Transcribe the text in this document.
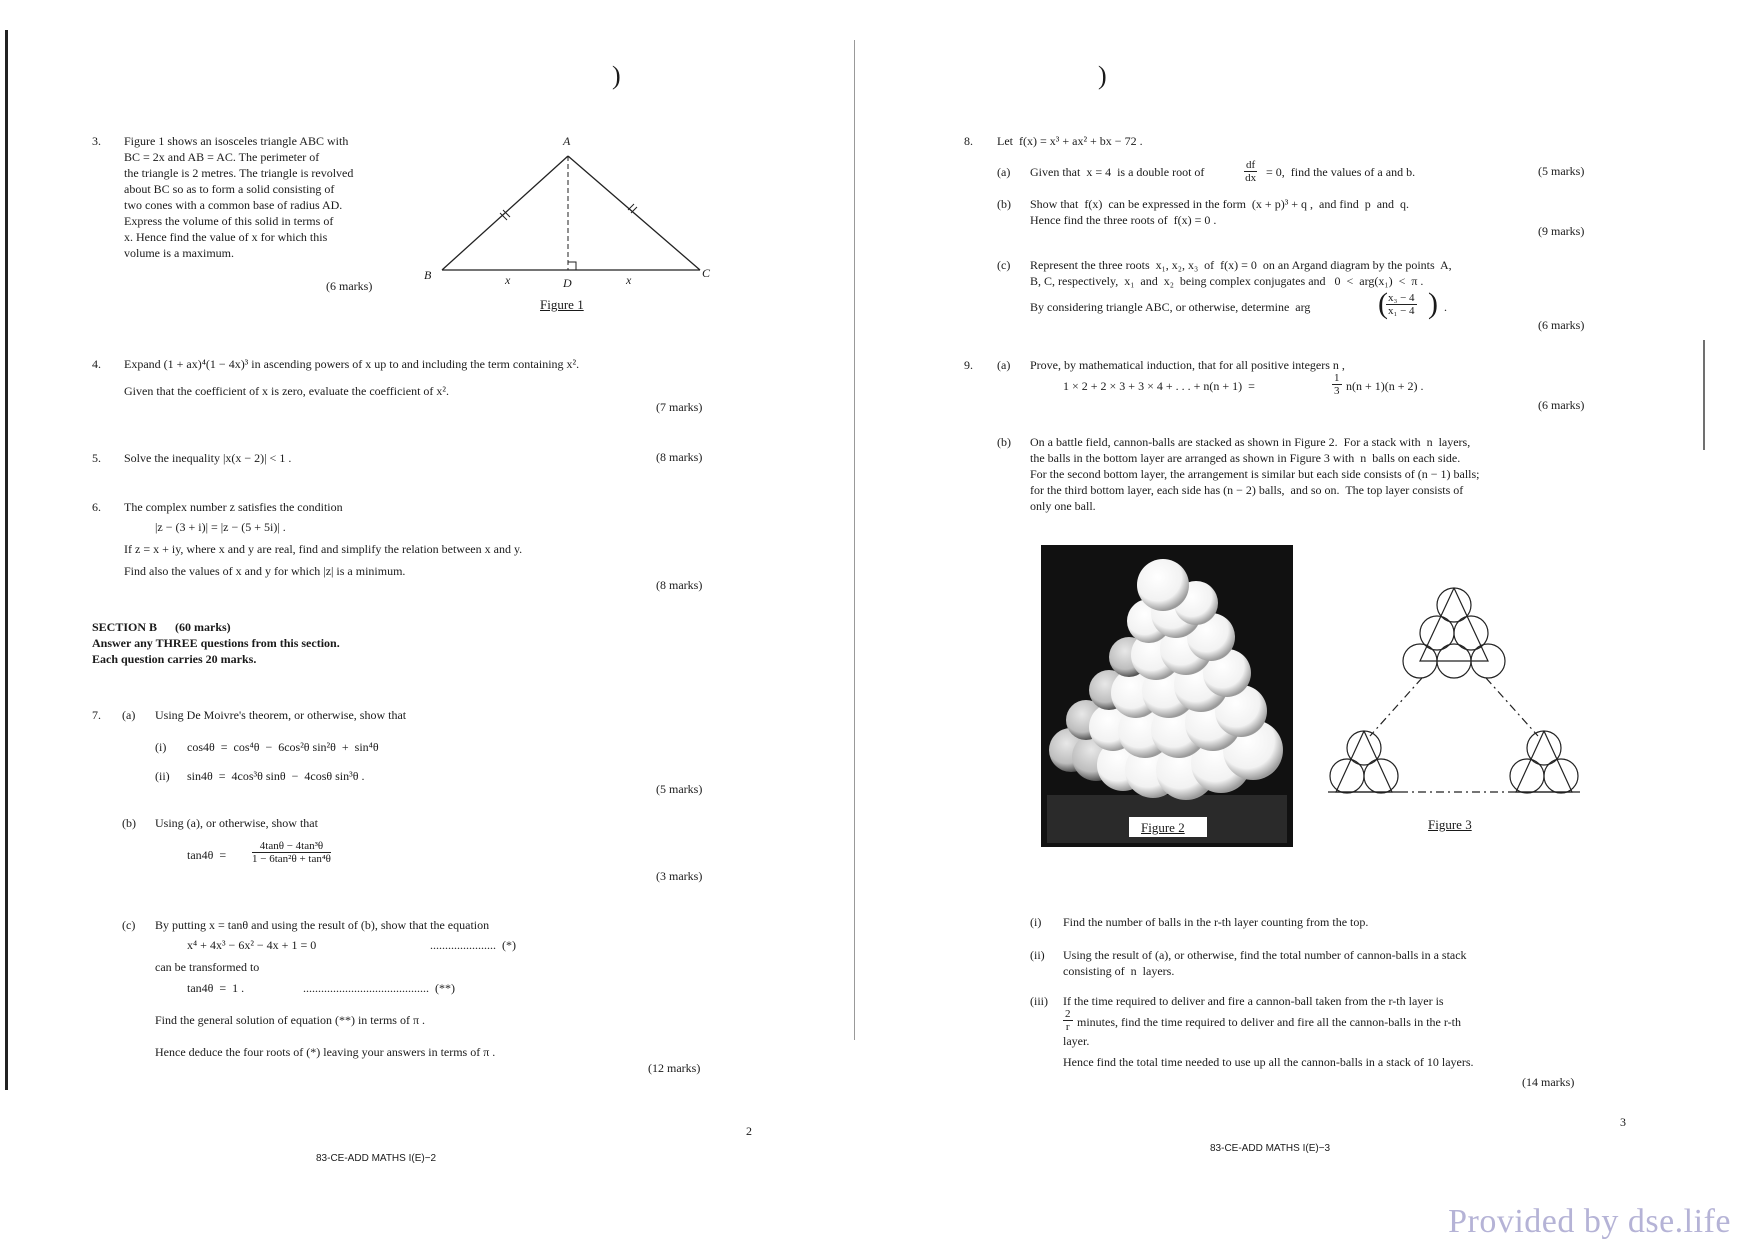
)	)
3. Figure 1 shows an isosceles triangle ABC with
BC = 2x and AB = AC. The perimeter of
the triangle is 2 metres. The triangle is revolved
about BC so as to form a solid consisting of
two cones with a common base of radius AD.
Express the volume of this solid in terms of
x. Hence find the value of x for which this
volume is a maximum.
(6 marks)
A
B	C
D
x	x
Figure 1
4. Expand (1 + ax)⁴(1 − 4x)³ in ascending powers of x up to and including the term containing x².
Given that the coefficient of x is zero, evaluate the coefficient of x².
(7 marks)
5. Solve the inequality |x(x − 2)| < 1 .	(8 marks)
6. The complex number z satisfies the condition
|z − (3 + i)| = |z − (5 + 5i)| .
If z = x + iy, where x and y are real, find and simplify the relation between x and y.
Find also the values of x and y for which |z| is a minimum.
(8 marks)
SECTION B      (60 marks)
Answer any THREE questions from this section.
Each question carries 20 marks.
7. (a) Using De Moivre's theorem, or otherwise, show that
(i) cos4θ  =  cos⁴θ  −  6cos²θ sin²θ  +  sin⁴θ
(ii) sin4θ  =  4cos³θ sinθ  −  4cosθ sin³θ .
(5 marks)
(b) Using (a), or otherwise, show that
$\tan 4\theta = \frac{\text{4tanθ − 4tan³θ}}{\text{1 − 6tan²θ + tan⁴θ}}$
(3 marks)
(c) By putting x = tanθ and using the result of (b), show that the equation
x⁴ + 4x³ − 6x² − 4x + 1 = 0	......................  (*)
can be transformed to
tan4θ  =  1 .	..........................................  (**)
Find the general solution of equation (**) in terms of π .
Hence deduce the four roots of (*) leaving your answers in terms of π .
(12 marks)
2
83-CE-ADD MATHS I(E)−2
8. Let  f(x) = x³ + ax² + bx − 72 .
(a) Given that  x = 4  is a double root of	$\frac{df}{dx} = 0$,  find the values of a and b.	(5 marks)
(b) Show that  f(x)  can be expressed in the form  (x + p)³ + q ,  and find  p  and  q.
Hence find the three roots of  f(x) = 0 .
(9 marks)
(c) Represent the three roots  x₁, x₂, x₃  of  f(x) = 0  on an Argand diagram by the points  A,
B, C, respectively,  x₁  and  x₂  being complex conjugates and   0  <  arg(x₁)  <  π .
By considering triangle ABC, or otherwise, determine  arg (
$\frac{\text{x₃ − 4}}{\text{x₁ − 4}}$ ) .
(6 marks)
9. (a) Prove, by mathematical induction, that for all positive integers n ,
1 × 2 + 2 × 3 + 3 × 4 + . . . + n(n + 1)  =	$\frac{1}{3} n(n + 1)(n + 2)$ .
(6 marks)
(b) On a battle field, cannon-balls are stacked as shown in Figure 2.  For a stack with  n  layers,
the balls in the bottom layer are arranged as shown in Figure 3 with  n  balls on each side.
For the second bottom layer, the arrangement is similar but each side consists of (n − 1) balls;
for the third bottom layer, each side has (n − 2) balls,  and so on.  The top layer consists of
only one ball.
Figure 2	Figure 3
(i) Find the number of balls in the r-th layer counting from the top.
(ii) Using the result of (a), or otherwise, find the total number of cannon-balls in a stack
consisting of  n  layers.
(iii) If the time required to deliver and fire a cannon-ball taken from the r-th layer is
$\frac{2}{r}$ minutes, find the time required to deliver and fire all the cannon-balls in the r-th
layer.
Hence find the total time needed to use up all the cannon-balls in a stack of 10 layers.
(14 marks)
3
83-CE-ADD MATHS I(E)−3
Provided by dse.life
